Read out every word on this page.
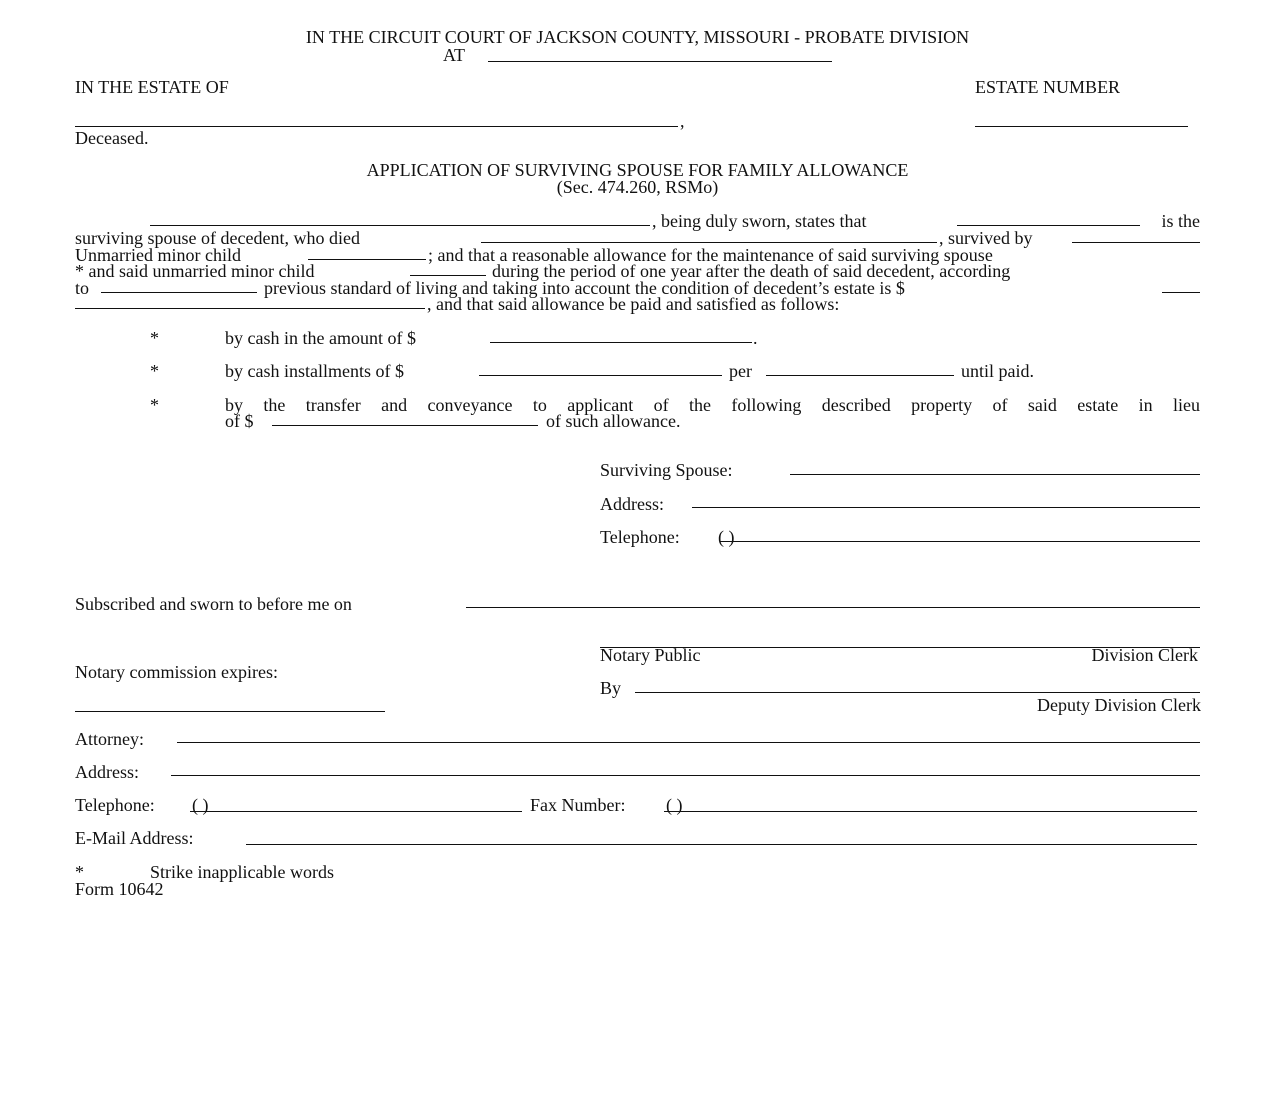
IN THE CIRCUIT COURT OF JACKSON COUNTY, MISSOURI - PROBATE DIVISION
AT
IN THE ESTATE OF	ESTATE NUMBER
,
Deceased.
APPLICATION OF SURVIVING SPOUSE FOR FAMILY ALLOWANCE
(Sec. 474.260, RSMo)
, being duly sworn, states that	is the
surviving spouse of decedent, who died	, survived by
Unmarried minor child	; and that a reasonable allowance for the maintenance of said surviving spouse
* and said unmarried minor child	during the period of one year after the death of said decedent, according
to	previous standard of living and taking into account the condition of decedent’s estate is $
, and that said allowance be paid and satisfied as follows:
*	by cash in the amount of $	.
*	by cash installments of $	per	until paid.
*	by the transfer and conveyance to applicant of the following described property of said estate in lieu
of $	of such allowance.
Surviving Spouse:
Address:
Telephone: ( )
Subscribed and sworn to before me on
Notary Public	Division Clerk
Notary commission expires:
By
Deputy Division Clerk
Attorney:
Address:
Telephone: ( )	Fax Number: ( )
E-Mail Address:
*	Strike inapplicable words
Form 10642
